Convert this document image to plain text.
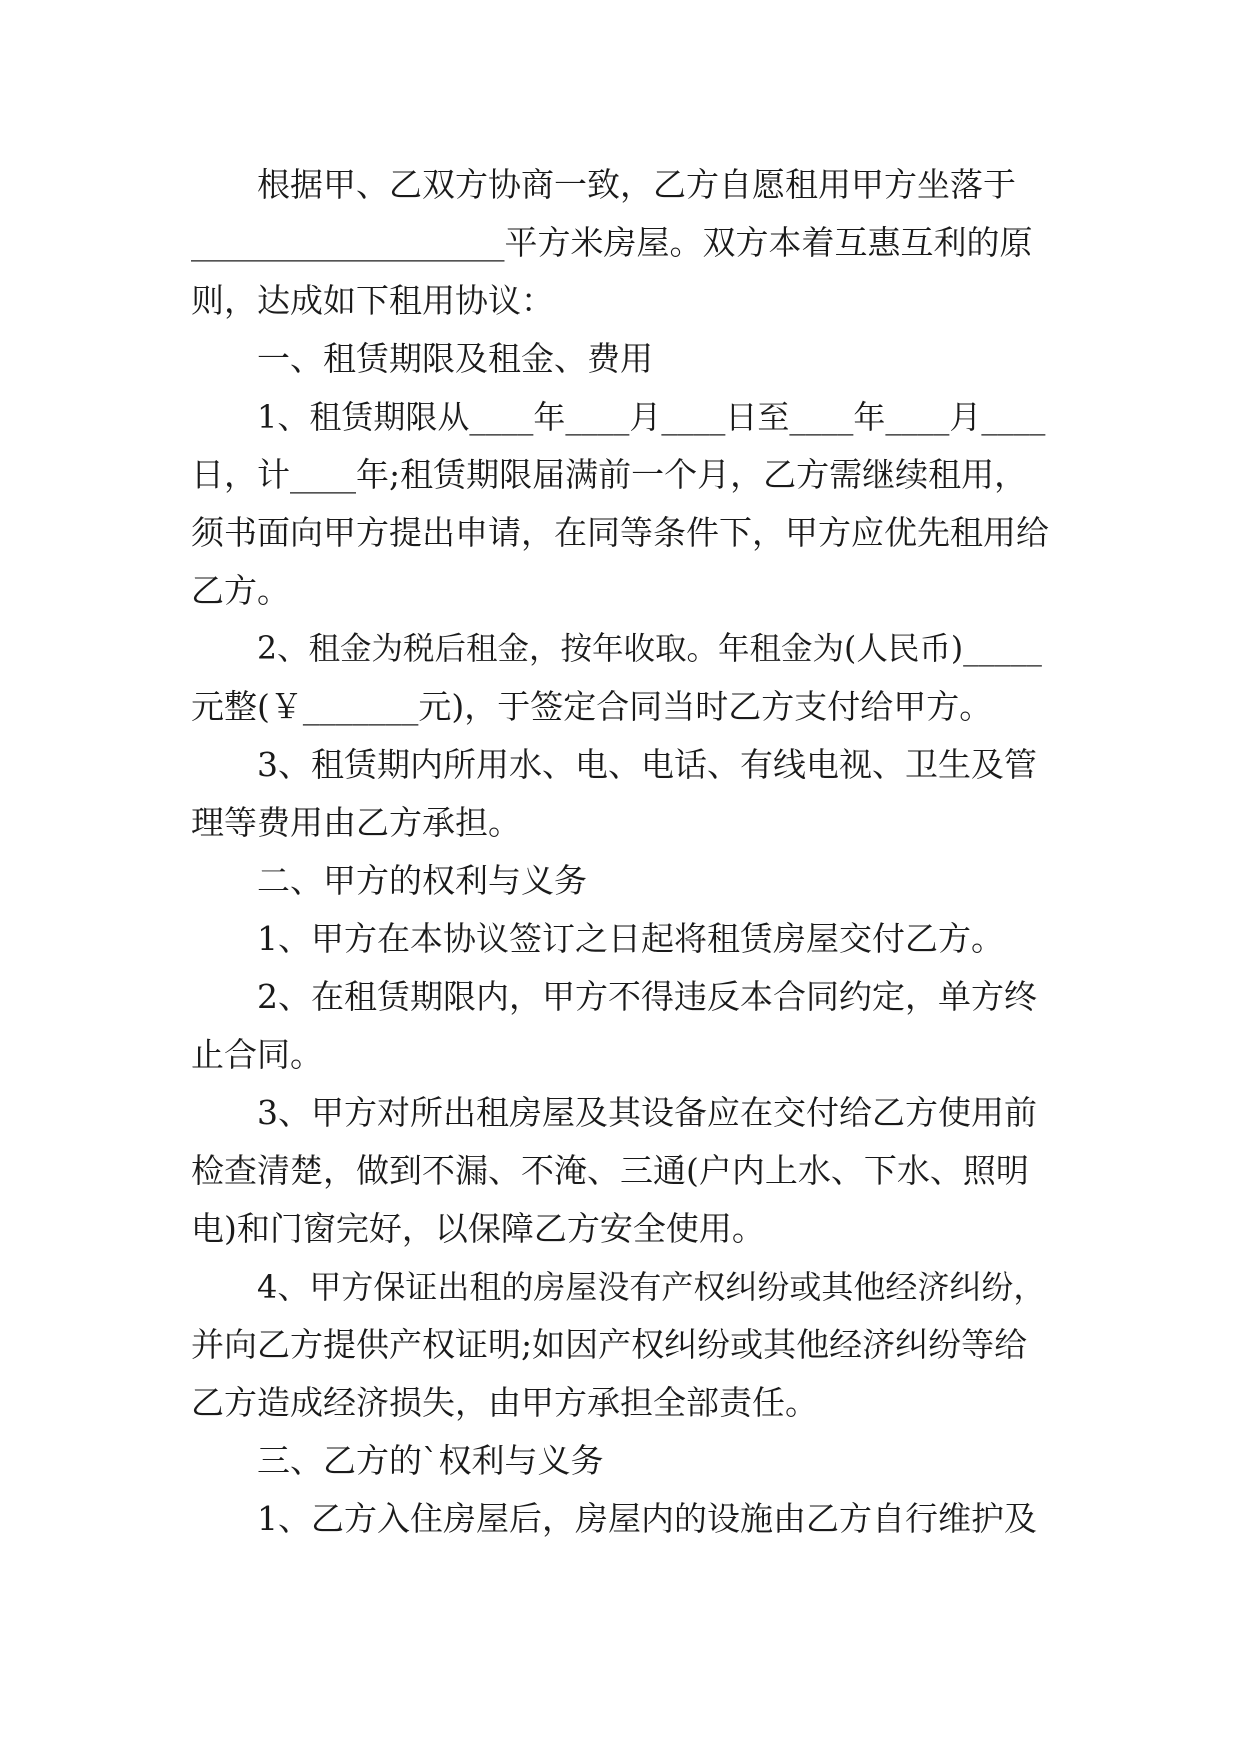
根据甲、乙双方协商一致，乙方自愿租用甲方坐落于
___________________平方米房屋。双方本着互惠互利的原
则，达成如下租用协议：
一、租赁期限及租金、费用
1、租赁期限从____年____月____日至____年____月____
日，计____年;租赁期限届满前一个月，乙方需继续租用，
须书面向甲方提出申请，在同等条件下，甲方应优先租用给
乙方。
2、租金为税后租金，按年收取。年租金为(人民币)_____
元整(￥_______元)，于签定合同当时乙方支付给甲方。
3、租赁期内所用水、电、电话、有线电视、卫生及管
理等费用由乙方承担。
二、甲方的权利与义务
1、甲方在本协议签订之日起将租赁房屋交付乙方。
2、在租赁期限内，甲方不得违反本合同约定，单方终
止合同。
3、甲方对所出租房屋及其设备应在交付给乙方使用前
检查清楚，做到不漏、不淹、三通(户内上水、下水、照明
电)和门窗完好，以保障乙方安全使用。
4、甲方保证出租的房屋没有产权纠纷或其他经济纠纷，
并向乙方提供产权证明;如因产权纠纷或其他经济纠纷等给
乙方造成经济损失，由甲方承担全部责任。
三、乙方的`权利与义务
1、乙方入住房屋后，房屋内的设施由乙方自行维护及
